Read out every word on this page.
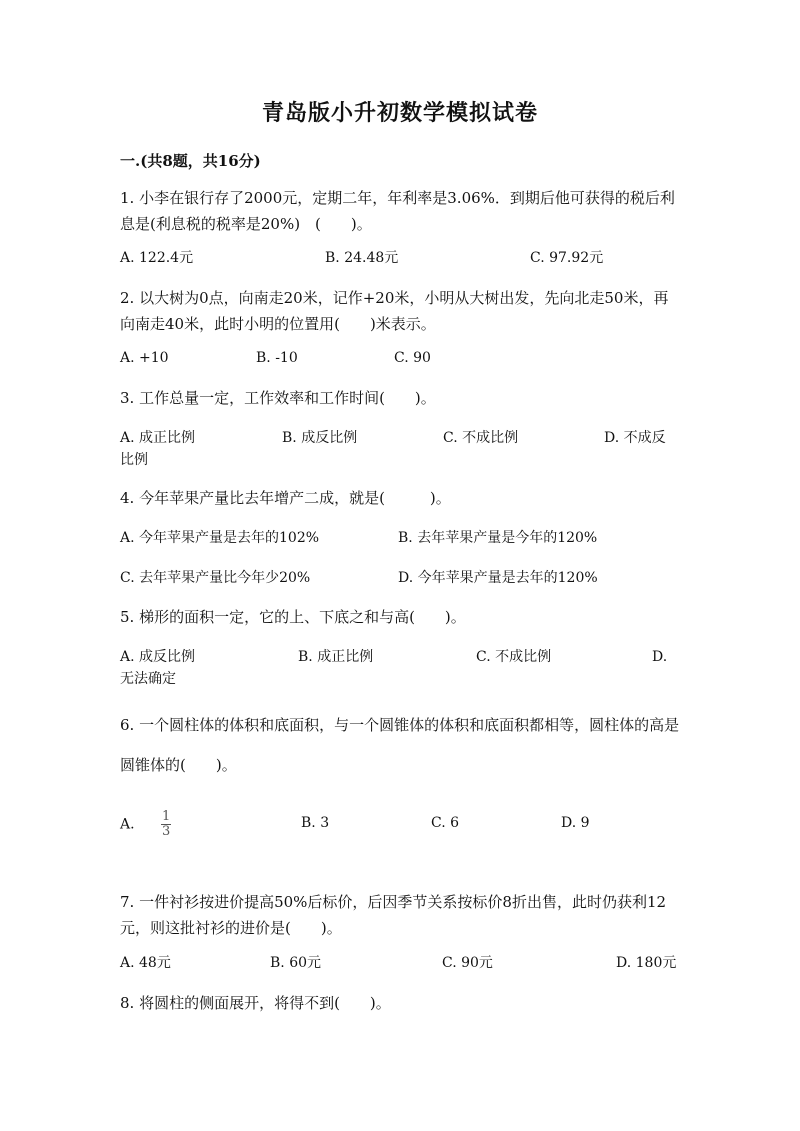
青岛版小升初数学模拟试卷
一.(共8题，共16分)
1. 小李在银行存了2000元，定期二年，年利率是3.06%．到期后他可获得的税后利息是(利息税的税率是20%)　(　　)。
A. 122.4元	B. 24.48元	C. 97.92元
2. 以大树为0点，向南走20米，记作+20米，小明从大树出发，先向北走50米，再向南走40米，此时小明的位置用(　　)米表示。
A. +10	B. -10	C. 90
3. 工作总量一定，工作效率和工作时间(　　)。
A. 成正比例	B. 成反比例	C. 不成比例	D. 不成反
比例
4. 今年苹果产量比去年增产二成，就是(　　　)。
A. 今年苹果产量是去年的102%	B. 去年苹果产量是今年的120%
C. 去年苹果产量比今年少20%	D. 今年苹果产量是去年的120%
5. 梯形的面积一定，它的上、下底之和与高(　　)。
A. 成反比例	B. 成正比例	C. 不成比例	D.
无法确定
6. 一个圆柱体的体积和底面积，与一个圆锥体的体积和底面积都相等，圆柱体的高是圆锥体的(　　)。
A. $\frac{1}{3}$	B. 3	C. 6	D. 9
7. 一件衬衫按进价提高50%后标价，后因季节关系按标价8折出售，此时仍获利12元，则这批衬衫的进价是(　　)。
A. 48元	B. 60元	C. 90元	D. 180元
8. 将圆柱的侧面展开，将得不到(　　)。
